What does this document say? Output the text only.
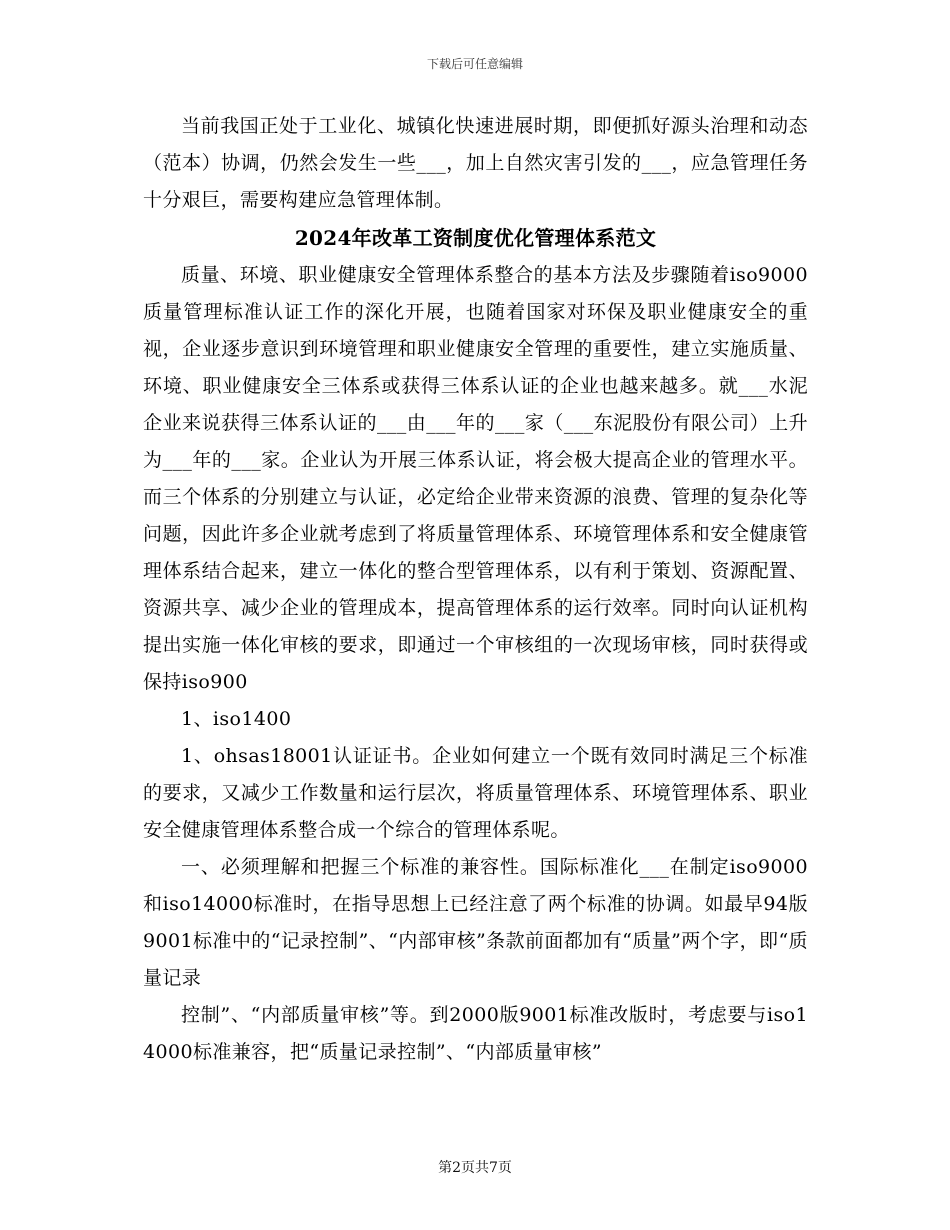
下载后可任意编辑

当前我国正处于工业化、城镇化快速进展时期，即便抓好源头治理和动态（范本）协调，仍然会发生一些___，加上自然灾害引发的___，应急管理任务十分艰巨，需要构建应急管理体制。

2024年改革工资制度优化管理体系范文

质量、环境、职业健康安全管理体系整合的基本方法及步骤随着iso9000质量管理标准认证工作的深化开展，也随着国家对环保及职业健康安全的重视，企业逐步意识到环境管理和职业健康安全管理的重要性，建立实施质量、环境、职业健康安全三体系或获得三体系认证的企业也越来越多。就___水泥企业来说获得三体系认证的___由___年的___家（___东泥股份有限公司）上升为___年的___家。企业认为开展三体系认证，将会极大提高企业的管理水平。而三个体系的分别建立与认证，必定给企业带来资源的浪费、管理的复杂化等问题，因此许多企业就考虑到了将质量管理体系、环境管理体系和安全健康管理体系结合起来，建立一体化的整合型管理体系，以有利于策划、资源配置、资源共享、减少企业的管理成本，提高管理体系的运行效率。同时向认证机构提出实施一体化审核的要求，即通过一个审核组的一次现场审核，同时获得或保持iso900

1、iso1400

1、ohsas18001认证证书。企业如何建立一个既有效同时满足三个标准的要求，又减少工作数量和运行层次，将质量管理体系、环境管理体系、职业安全健康管理体系整合成一个综合的管理体系呢。

一、必须理解和把握三个标准的兼容性。国际标准化___在制定iso9000和iso14000标准时，在指导思想上已经注意了两个标准的协调。如最早94版9001标准中的“记录控制”、“内部审核”条款前面都加有“质量”两个字，即“质量记录

控制”、“内部质量审核”等。到2000版9001标准改版时，考虑要与iso14000标准兼容，把“质量记录控制”、“内部质量审核”

第2页共7页
